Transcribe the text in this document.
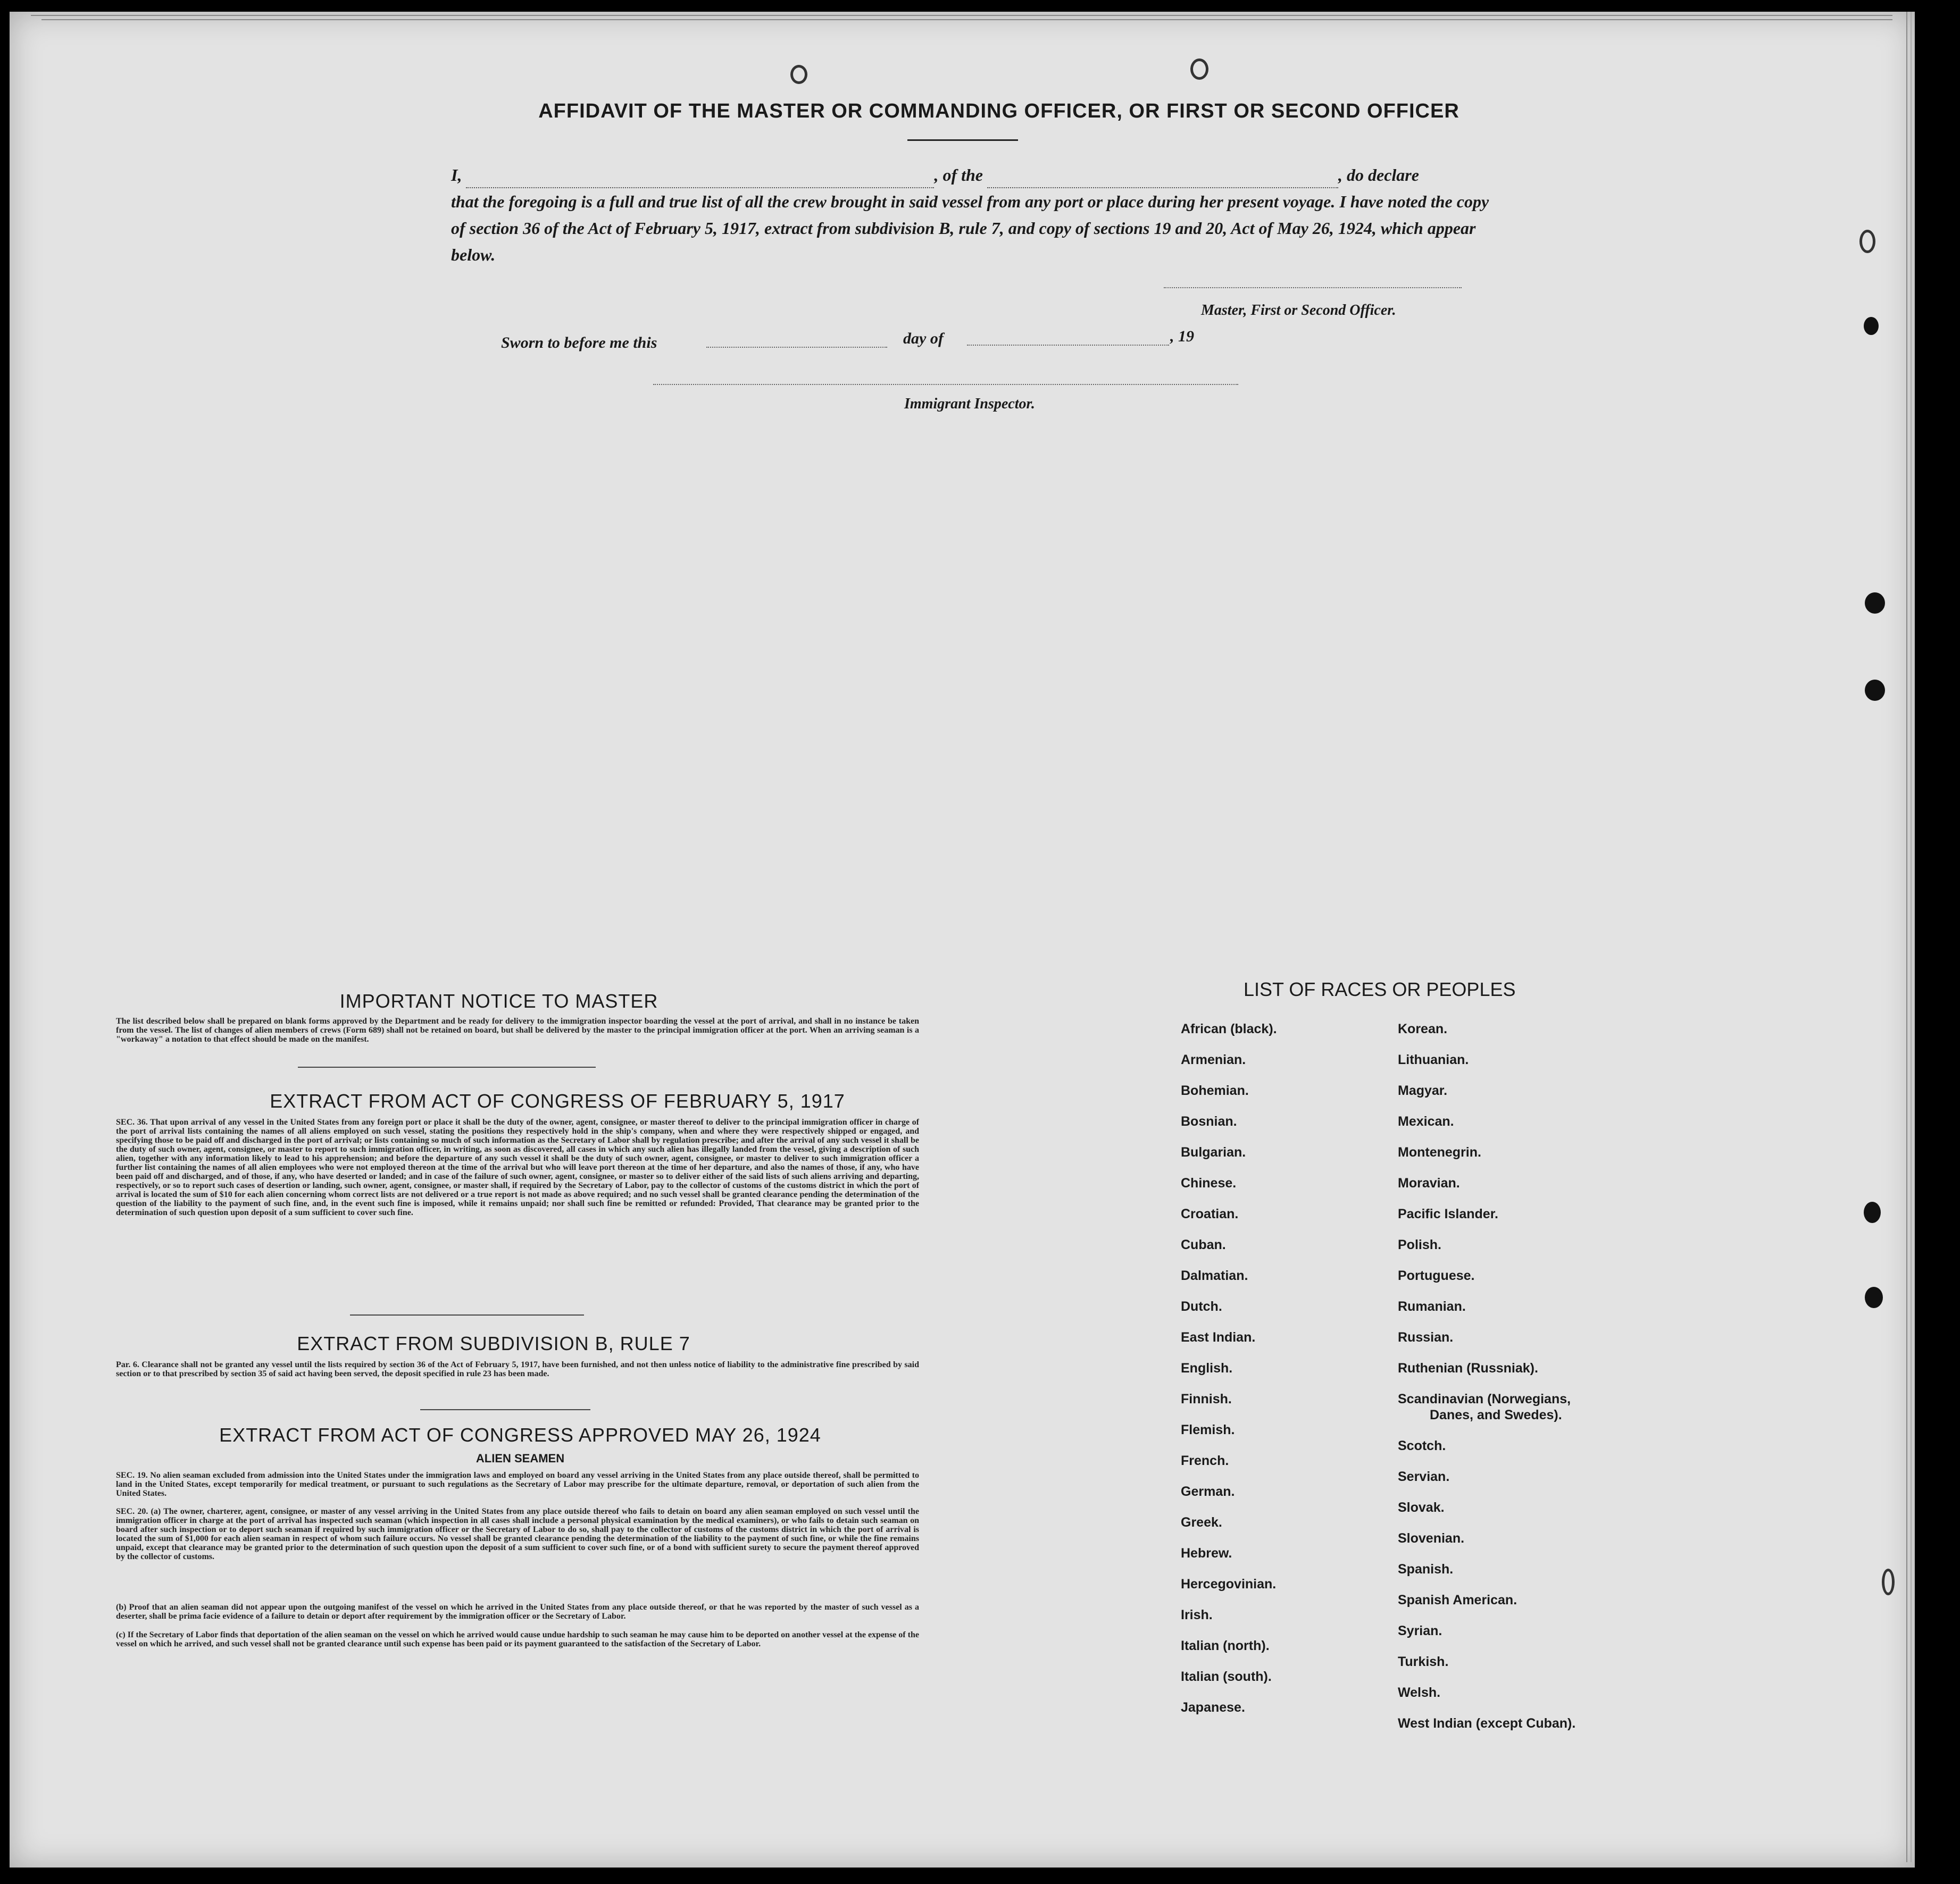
AFFIDAVIT OF THE MASTER OR COMMANDING OFFICER, OR FIRST OR SECOND OFFICER
I,	, of the	, do declare
that the foregoing is a full and true list of all the crew brought in said vessel from any port or place during her present voyage. I have noted the copy of section 36 of the Act of February 5, 1917, extract from subdivision B, rule 7, and copy of sections 19 and 20, Act of May 26, 1924, which appear below.
Master, First or Second Officer.
Sworn to before me this	day of	, 19
Immigrant Inspector.
IMPORTANT NOTICE TO MASTER
The list described below shall be prepared on blank forms approved by the Department and be ready for delivery to the immigration inspector boarding the vessel at the port of arrival, and shall in no instance be taken from the vessel. The list of changes of alien members of crews (Form 689) shall not be retained on board, but shall be delivered by the master to the principal immigration officer at the port. When an arriving seaman is a "workaway" a notation to that effect should be made on the manifest.
EXTRACT FROM ACT OF CONGRESS OF FEBRUARY 5, 1917
SEC. 36. That upon arrival of any vessel in the United States from any foreign port or place it shall be the duty of the owner, agent, consignee, or master thereof to deliver to the principal immigration officer in charge of the port of arrival lists containing the names of all aliens employed on such vessel, stating the positions they respectively hold in the ship's company, when and where they were respectively shipped or engaged, and specifying those to be paid off and discharged in the port of arrival; or lists containing so much of such information as the Secretary of Labor shall by regulation prescribe; and after the arrival of any such vessel it shall be the duty of such owner, agent, consignee, or master to report to such immigration officer, in writing, as soon as discovered, all cases in which any such alien has illegally landed from the vessel, giving a description of such alien, together with any information likely to lead to his apprehension; and before the departure of any such vessel it shall be the duty of such owner, agent, consignee, or master to deliver to such immigration officer a further list containing the names of all alien employees who were not employed thereon at the time of the arrival but who will leave port thereon at the time of her departure, and also the names of those, if any, who have been paid off and discharged, and of those, if any, who have deserted or landed; and in case of the failure of such owner, agent, consignee, or master so to deliver either of the said lists of such aliens arriving and departing, respectively, or so to report such cases of desertion or landing, such owner, agent, consignee, or master shall, if required by the Secretary of Labor, pay to the collector of customs of the customs district in which the port of arrival is located the sum of $10 for each alien concerning whom correct lists are not delivered or a true report is not made as above required; and no such vessel shall be granted clearance pending the determination of the question of the liability to the payment of such fine, and, in the event such fine is imposed, while it remains unpaid; nor shall such fine be remitted or refunded: Provided, That clearance may be granted prior to the determination of such question upon deposit of a sum sufficient to cover such fine.
EXTRACT FROM SUBDIVISION B, RULE 7
Par. 6. Clearance shall not be granted any vessel until the lists required by section 36 of the Act of February 5, 1917, have been furnished, and not then unless notice of liability to the administrative fine prescribed by said section or to that prescribed by section 35 of said act having been served, the deposit specified in rule 23 has been made.
EXTRACT FROM ACT OF CONGRESS APPROVED MAY 26, 1924
ALIEN SEAMEN
SEC. 19. No alien seaman excluded from admission into the United States under the immigration laws and employed on board any vessel arriving in the United States from any place outside thereof, shall be permitted to land in the United States, except temporarily for medical treatment, or pursuant to such regulations as the Secretary of Labor may prescribe for the ultimate departure, removal, or deportation of such alien from the United States.
SEC. 20. (a) The owner, charterer, agent, consignee, or master of any vessel arriving in the United States from any place outside thereof who fails to detain on board any alien seaman employed on such vessel until the immigration officer in charge at the port of arrival has inspected such seaman (which inspection in all cases shall include a personal physical examination by the medical examiners), or who fails to detain such seaman on board after such inspection or to deport such seaman if required by such immigration officer or the Secretary of Labor to do so, shall pay to the collector of customs of the customs district in which the port of arrival is located the sum of $1,000 for each alien seaman in respect of whom such failure occurs. No vessel shall be granted clearance pending the determination of the liability to the payment of such fine, or while the fine remains unpaid, except that clearance may be granted prior to the determination of such question upon the deposit of a sum sufficient to cover such fine, or of a bond with sufficient surety to secure the payment thereof approved by the collector of customs.
(b) Proof that an alien seaman did not appear upon the outgoing manifest of the vessel on which he arrived in the United States from any place outside thereof, or that he was reported by the master of such vessel as a deserter, shall be prima facie evidence of a failure to detain or deport after requirement by the immigration officer or the Secretary of Labor.
(c) If the Secretary of Labor finds that deportation of the alien seaman on the vessel on which he arrived would cause undue hardship to such seaman he may cause him to be deported on another vessel at the expense of the vessel on which he arrived, and such vessel shall not be granted clearance until such expense has been paid or its payment guaranteed to the satisfaction of the Secretary of Labor.
LIST OF RACES OR PEOPLES
African (black).
Armenian.
Bohemian.
Bosnian.
Bulgarian.
Chinese.
Croatian.
Cuban.
Dalmatian.
Dutch.
East Indian.
English.
Finnish.
Flemish.
French.
German.
Greek.
Hebrew.
Hercegovinian.
Irish.
Italian (north).
Italian (south).
Japanese.
Korean.
Lithuanian.
Magyar.
Mexican.
Montenegrin.
Moravian.
Pacific Islander.
Polish.
Portuguese.
Rumanian.
Russian.
Ruthenian (Russniak).
Scandinavian (Norwegians,
Danes, and Swedes).
Scotch.
Servian.
Slovak.
Slovenian.
Spanish.
Spanish American.
Syrian.
Turkish.
Welsh.
West Indian (except Cuban).
